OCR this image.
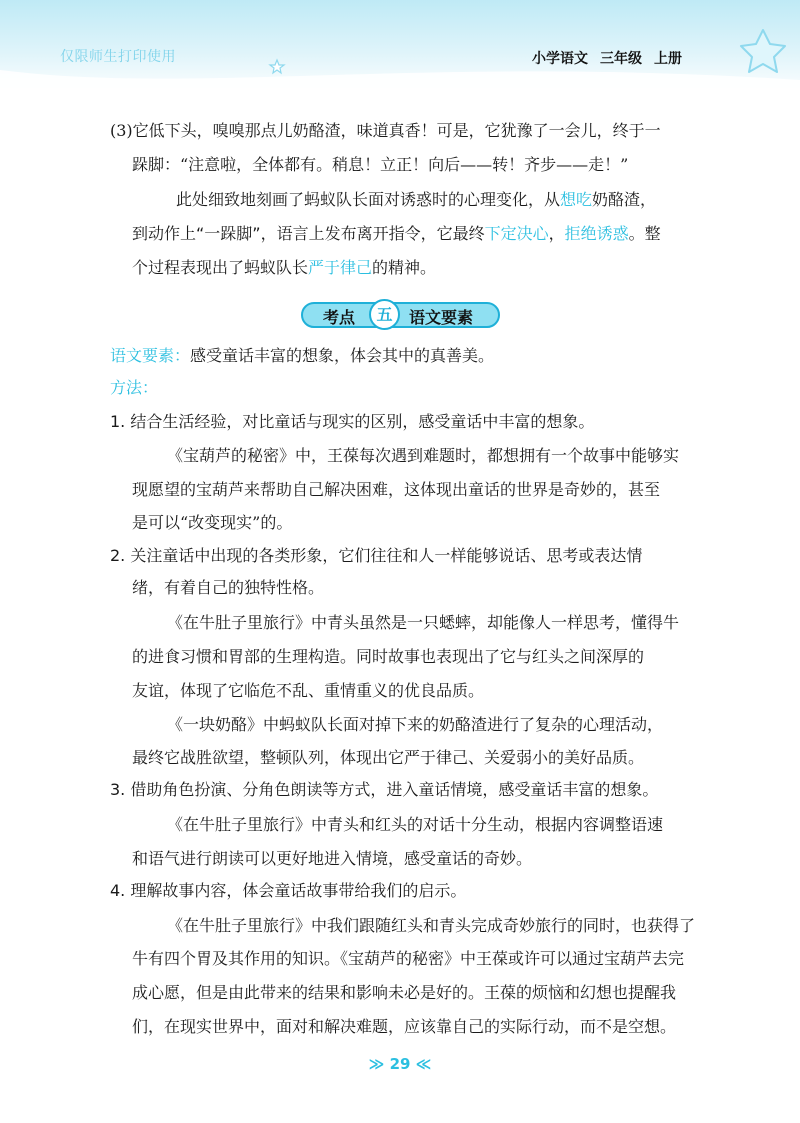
仅限师生打印使用	小学语文 三年级 上册
(3)它低下头，嗅嗅那点儿奶酪渣，味道真香！可是，它犹豫了一会儿，终于一
跺脚：“注意啦，全体都有。稍息！立正！向后——转！齐步——走！”
此处细致地刻画了蚂蚁队长面对诱惑时的心理变化，从想吃奶酪渣，
到动作上“一跺脚”，语言上发布离开指令，它最终下定决心，拒绝诱惑。整
个过程表现出了蚂蚁队长严于律己的精神。
考点	五	语文要素
语文要素：感受童话丰富的想象，体会其中的真善美。
方法：
1. 结合生活经验，对比童话与现实的区别，感受童话中丰富的想象。
《宝葫芦的秘密》中，王葆每次遇到难题时，都想拥有一个故事中能够实
现愿望的宝葫芦来帮助自己解决困难，这体现出童话的世界是奇妙的，甚至
是可以“改变现实”的。
2. 关注童话中出现的各类形象，它们往往和人一样能够说话、思考或表达情
绪，有着自己的独特性格。
《在牛肚子里旅行》中青头虽然是一只蟋蟀，却能像人一样思考，懂得牛
的进食习惯和胃部的生理构造。同时故事也表现出了它与红头之间深厚的
友谊，体现了它临危不乱、重情重义的优良品质。
《一块奶酪》中蚂蚁队长面对掉下来的奶酪渣进行了复杂的心理活动，
最终它战胜欲望，整顿队列，体现出它严于律己、关爱弱小的美好品质。
3. 借助角色扮演、分角色朗读等方式，进入童话情境，感受童话丰富的想象。
《在牛肚子里旅行》中青头和红头的对话十分生动，根据内容调整语速
和语气进行朗读可以更好地进入情境，感受童话的奇妙。
4. 理解故事内容，体会童话故事带给我们的启示。
《在牛肚子里旅行》中我们跟随红头和青头完成奇妙旅行的同时，也获得了
牛有四个胃及其作用的知识。《宝葫芦的秘密》中王葆或许可以通过宝葫芦去完
成心愿，但是由此带来的结果和影响未必是好的。王葆的烦恼和幻想也提醒我
们，在现实世界中，面对和解决难题，应该靠自己的实际行动，而不是空想。
≫ 29 ≪
